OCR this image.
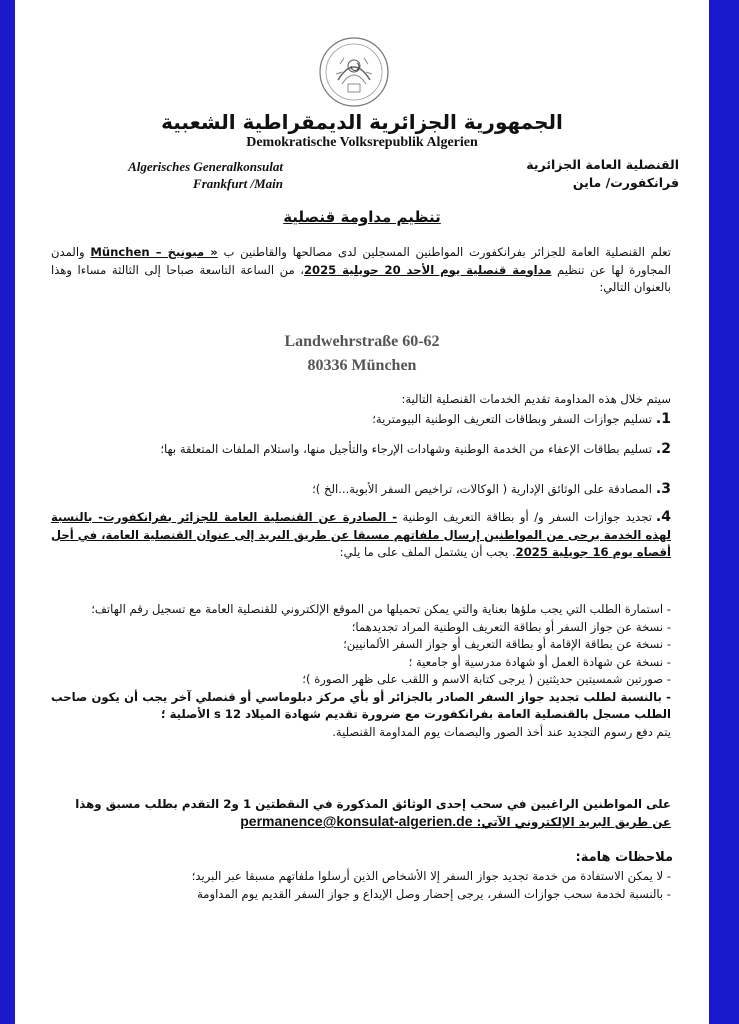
الجمهورية الجزائرية الديمقراطية الشعبية
Demokratische Volksrepublik Algerien
Algerisches Generalkonsulat
Frankfurt /Main
القنصلية العامة الجزائرية
فرانكفورت/ ماين
تنظيم مداومة قنصلية
تعلم القنصلية العامة للجزائر بفرانكفورت المواطنين المسجلين لدى مصالحها والقاطنين ب « ميونيخ – München والمدن المجاورة لها عن تنظيم مداومة قنصلية يوم الأحد 20 جويلية 2025، من الساعة التاسعة صباحا إلى الثالثة مساءا وهذا بالعنوان التالي:
Landwehrstraße 60-62
80336 München
سيتم خلال هذه المداومة تقديم الخدمات القنصلية التالية:
1.تسليم جوازات السفر وبطاقات التعريف الوطنية البيومترية؛
2.تسليم بطاقات الإعفاء من الخدمة الوطنية وشهادات الإرجاء والتأجيل منها، واستلام الملفات المتعلقة بها؛
3.المصادقة على الوثائق الإدارية ( الوكالات، تراخيص السفر الأبوية...الخ )؛
4.تجديد جوازات السفر و/ أو بطاقة التعريف الوطنية - الصادرة عن القنصلية العامة للجزائر بفرانكفورت- بالنسبة لهذه الخدمة يرجى من المواطنين إرسال ملفاتهم مسبقا عن طريق البريد إلى عنوان القنصلية العامة، في أجل أقصاه يوم 16 جويلية 2025. يجب أن يشتمل الملف على ما يلي:
- استمارة الطلب التي يجب ملؤها بعناية والتي يمكن تحميلها من الموقع الإلكتروني للقنصلية العامة مع تسجيل رقم الهاتف؛
- نسخة عن جواز السفر أو بطاقة التعريف الوطنية المراد تجديدهما؛
- نسخة عن بطاقة الإقامة أو بطاقة التعريف أو جواز السفر الألمانيين؛
- نسخة عن شهادة العمل أو شهادة مدرسية أو جامعية ؛
- صورتين شمسيتين حديثتين ( يرجى كتابة الاسم و اللقب على ظهر الصورة )؛
- بالنسبة لطلب تجديد جواز السفر الصادر بالجزائر أو بأي مركز دبلوماسي أو قنصلي آخر يجب أن يكون صاحب الطلب مسجل بالقنصلية العامة بفرانكفورت مع ضرورة تقديم شهادة الميلاد s 12 الأصلية ؛
يتم دفع رسوم التجديد عند أخذ الصور والبصمات يوم المداومة القنصلية.
على المواطنين الراغبين في سحب إحدى الوثائق المذكورة في النقطتين 1 و2 التقدم بطلب مسبق وهذا
عن طريق البريد الإلكتروني الآتي: permanence@konsulat-algerien.de
ملاحظات هامة:
- لا يمكن الاستفادة من خدمة تجديد جواز السفر إلا الأشخاص الذين أرسلوا ملفاتهم مسبقا عبر البريد؛
- بالنسبة لخدمة سحب جوازات السفر، يرجى إحضار وصل الإيداع و جواز السفر القديم يوم المداومة
